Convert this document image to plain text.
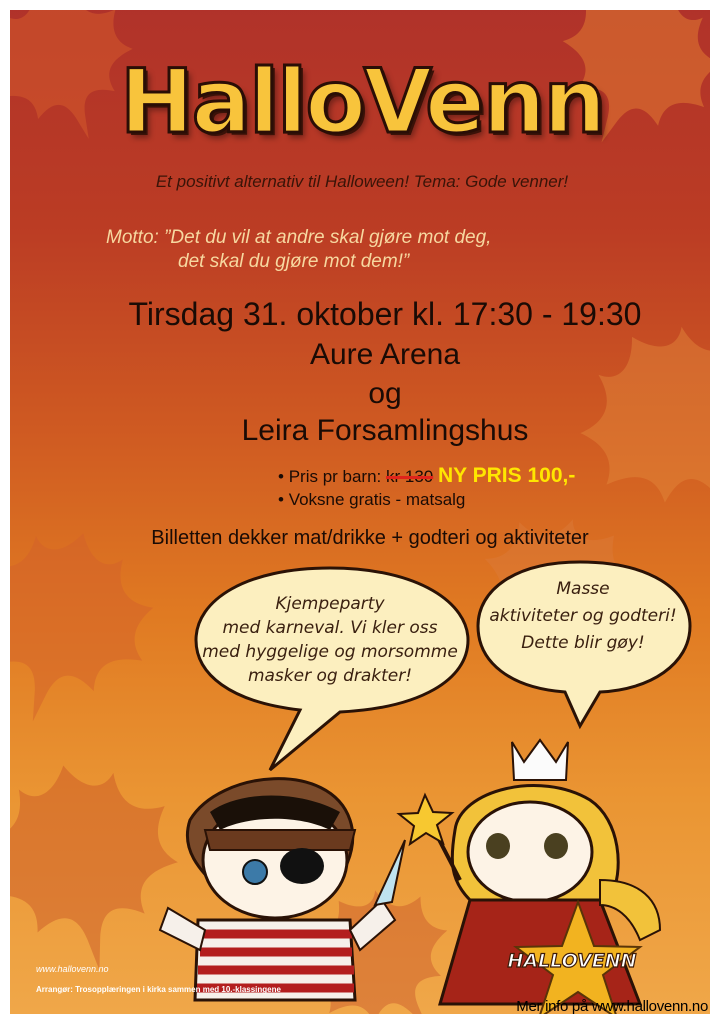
HALLOVENN
HalloVenn
Et positivt alternativ til Halloween! Tema: Gode venner!
Motto: ”Det du vil at andre skal gjøre mot deg,
det skal du gjøre mot dem!”
Tirsdag 31. oktober kl. 17:30 - 19:30
Aure Arena
og
Leira Forsamlingshus
• Pris pr barn: kr 130 NY PRIS 100,-
• Voksne gratis - matsalg
Billetten dekker mat/drikke + godteri og aktiviteter
Kjempeparty
med karneval. Vi kler oss
med hyggelige og morsomme
masker og drakter!
Masse
aktiviteter og godteri!
Dette blir gøy!
www.hallovenn.no
Arrangør: Trosopplæringen i kirka sammen med 10.-klassingene
Mer info på www.hallovenn.no
